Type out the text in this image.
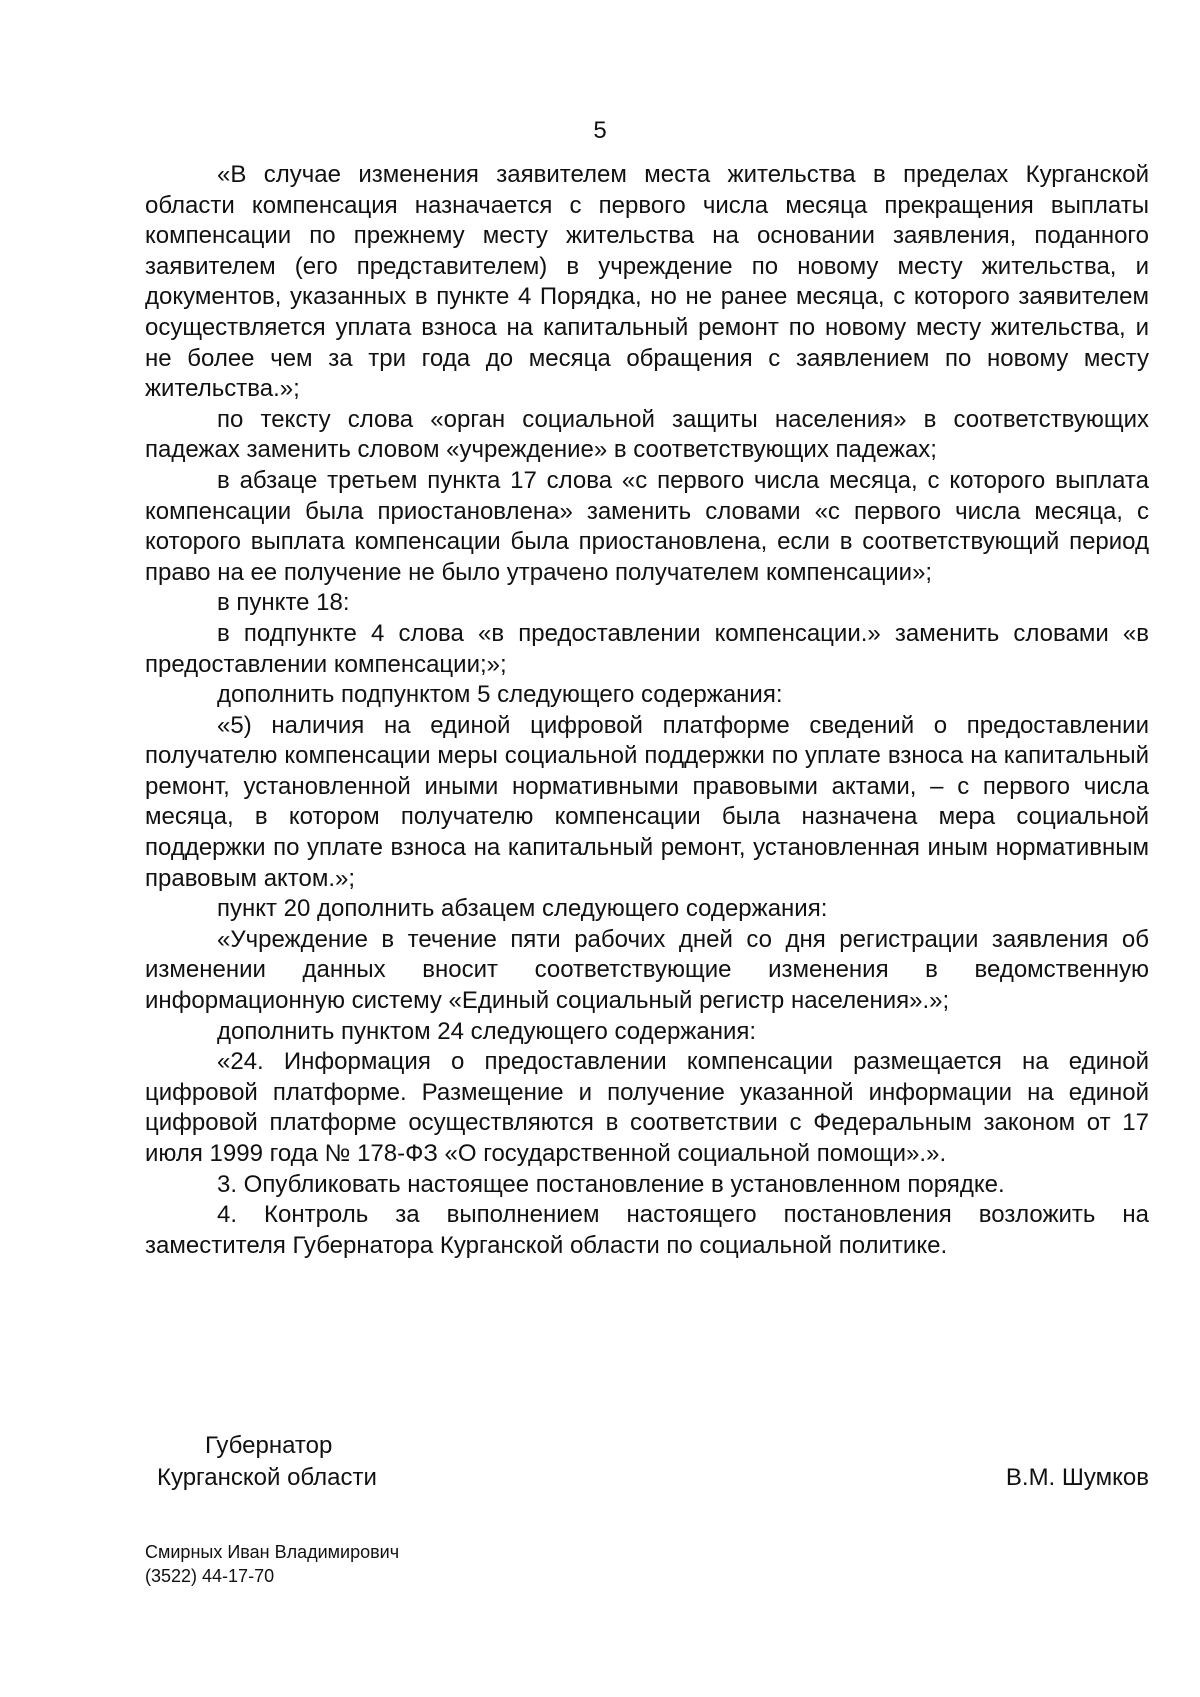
5

«В случае изменения заявителем места жительства в пределах Курганской области компенсация назначается с первого числа месяца прекращения выплаты компенсации по прежнему месту жительства на основании заявления, поданного заявителем (его представителем) в учреждение по новому месту жительства, и документов, указанных в пункте 4 Порядка, но не ранее месяца, с которого заявителем осуществляется уплата взноса на капитальный ремонт по новому месту жительства, и не более чем за три года до месяца обращения с заявлением по новому месту жительства.»;

по тексту слова «орган социальной защиты населения» в соответствующих падежах заменить словом «учреждение» в соответствующих падежах;

в абзаце третьем пункта 17 слова «с первого числа месяца, с которого выплата компенсации была приостановлена» заменить словами «с первого числа месяца, с которого выплата компенсации была приостановлена, если в соответствующий период право на ее получение не было утрачено получателем компенсации»;

в пункте 18:

в подпункте 4 слова «в предоставлении компенсации.» заменить словами «в предоставлении компенсации;»;

дополнить подпунктом 5 следующего содержания:

«5) наличия на единой цифровой платформе сведений о предоставлении получателю компенсации меры социальной поддержки по уплате взноса на капитальный ремонт, установленной иными нормативными правовыми актами, – с первого числа месяца, в котором получателю компенсации была назначена мера социальной поддержки по уплате взноса на капитальный ремонт, установленная иным нормативным правовым актом.»;

пункт 20 дополнить абзацем следующего содержания:

«Учреждение в течение пяти рабочих дней со дня регистрации заявления об изменении данных вносит соответствующие изменения в ведомственную информационную систему «Единый социальный регистр населения».»;

дополнить пунктом 24 следующего содержания:

«24. Информация о предоставлении компенсации размещается на единой цифровой платформе. Размещение и получение указанной информации на единой цифровой платформе осуществляются в соответствии с Федеральным законом от 17 июля 1999 года № 178-ФЗ «О государственной социальной помощи».».

3. Опубликовать настоящее постановление в установленном порядке.

4. Контроль за выполнением настоящего постановления возложить на заместителя Губернатора Курганской области по социальной политике.

Губернатор
Курганской области	В.М. Шумков
Смирных Иван Владимирович
(3522) 44-17-70
